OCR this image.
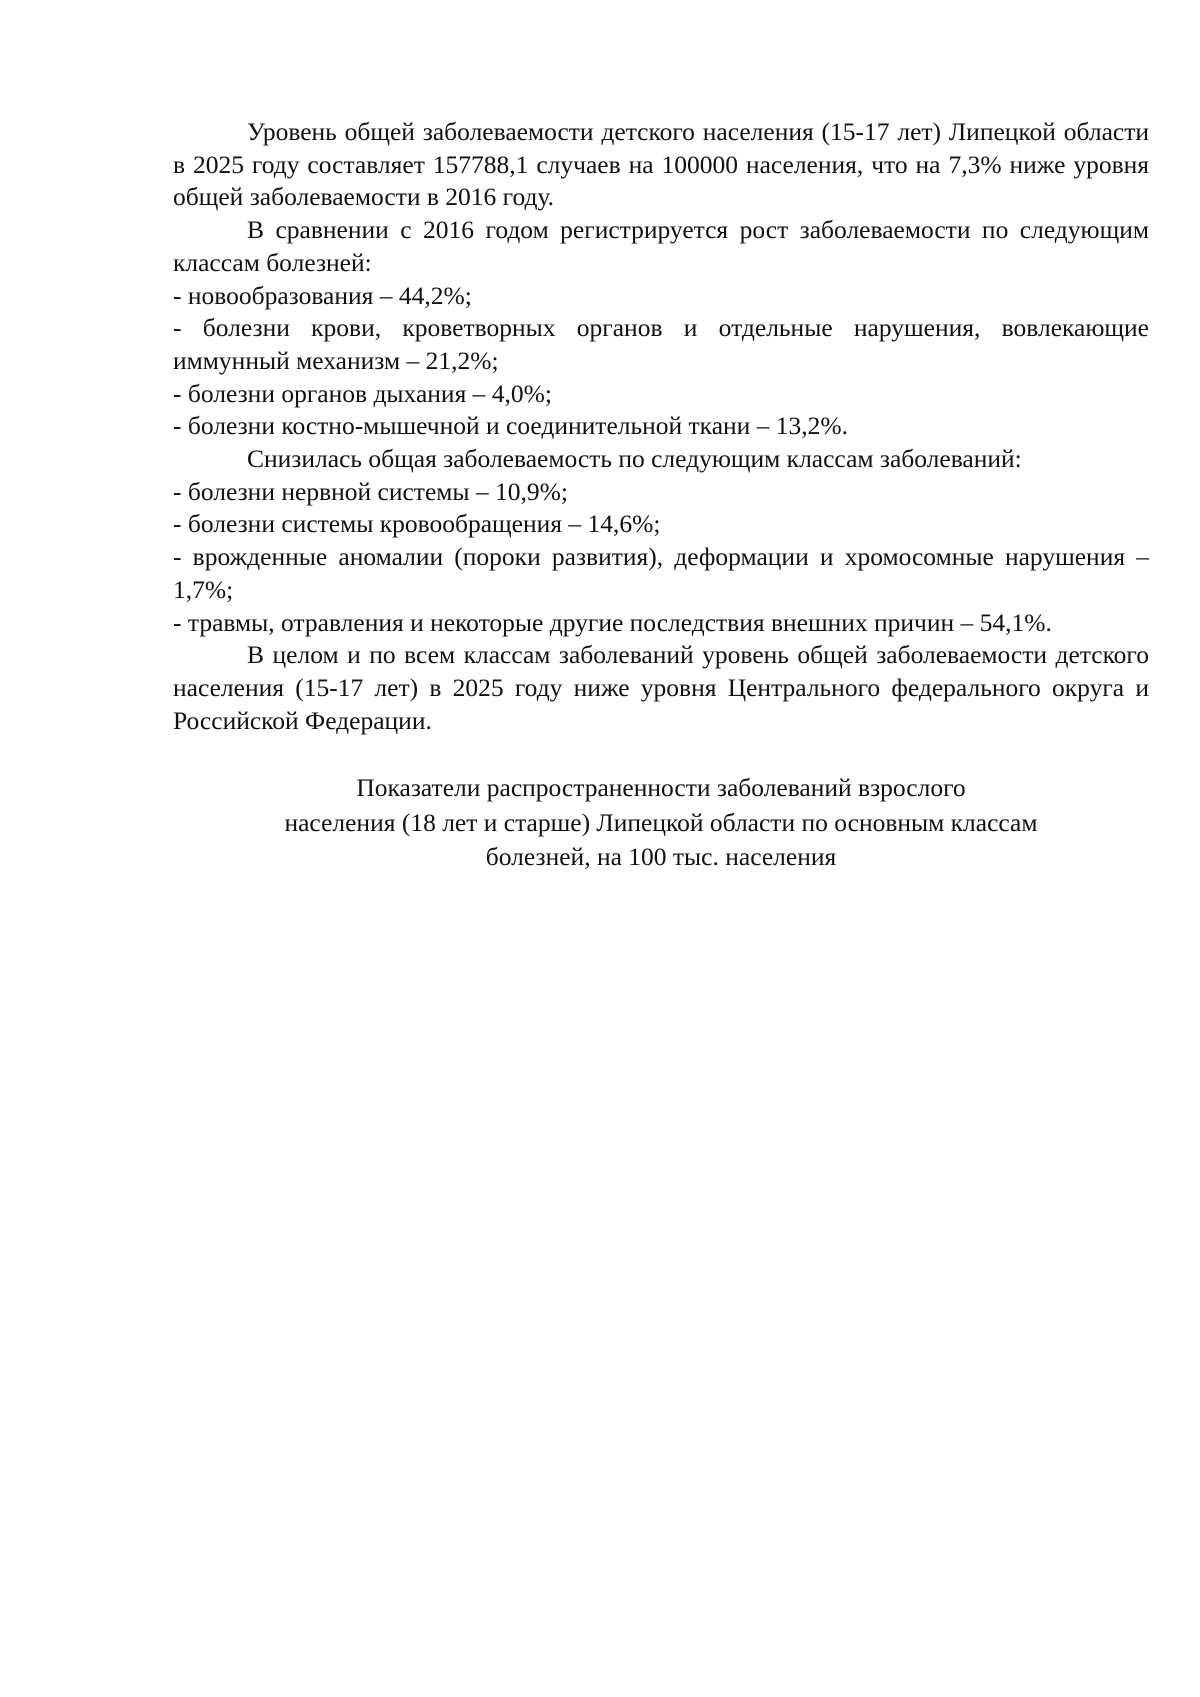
Уровень общей заболеваемости детского населения (15-17 лет) Липецкой области в 2025 году составляет 157788,1 случаев на 100000 населения, что на 7,3% ниже уровня общей заболеваемости в 2016 году.

В сравнении с 2016 годом регистрируется рост заболеваемости по следующим классам болезней:

- новообразования – 44,2%;

- болезни крови, кроветворных органов и отдельные нарушения, вовлекающие иммунный механизм – 21,2%;

- болезни органов дыхания – 4,0%;

- болезни костно-мышечной и соединительной ткани – 13,2%.

Снизилась общая заболеваемость по следующим классам заболеваний:

- болезни нервной системы – 10,9%;

- болезни системы кровообращения – 14,6%;

- врожденные аномалии (пороки развития), деформации и хромосомные нарушения – 1,7%;

- травмы, отравления и некоторые другие последствия внешних причин – 54,1%.

В целом и по всем классам заболеваний уровень общей заболеваемости детского населения (15-17 лет) в 2025 году ниже уровня Центрального федерального округа и Российской Федерации.

Показатели распространенности заболеваний взрослого
населения (18 лет и старше) Липецкой области по основным классам
болезней, на 100 тыс. населения
